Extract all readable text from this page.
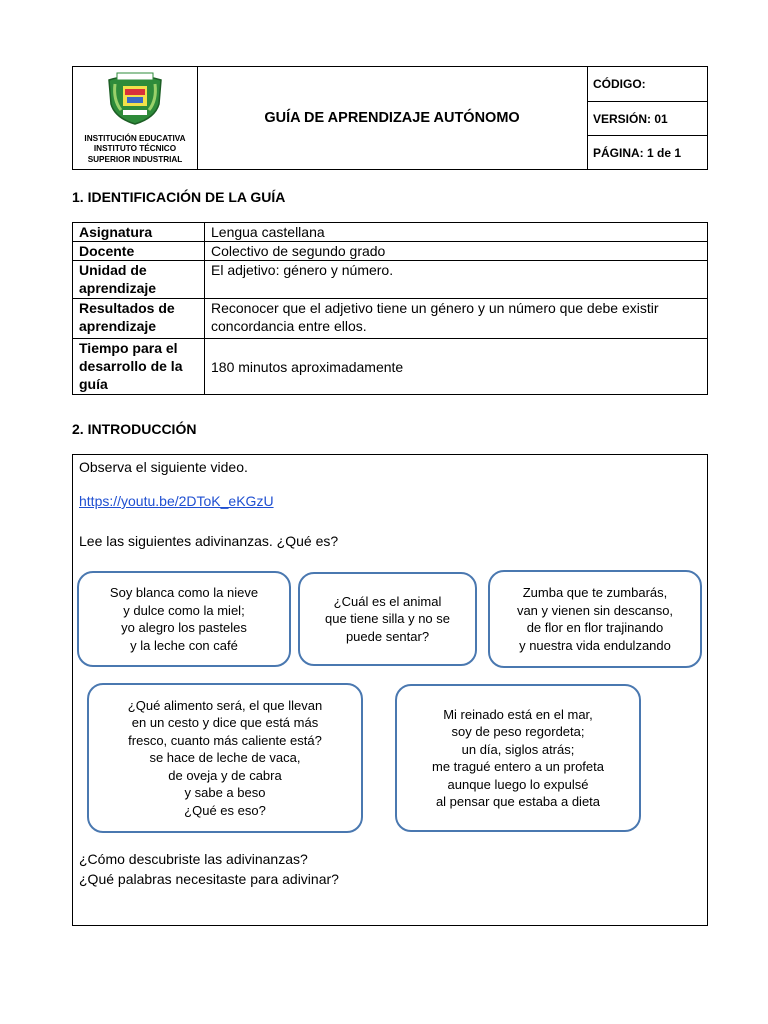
INSTITUCIÓN EDUCATIVA
INSTITUTO TÉCNICO
SUPERIOR INDUSTRIAL
GUÍA DE APRENDIZAJE AUTÓNOMO
CÓDIGO:
VERSIÓN: 01
PÁGINA: 1 de 1
1. IDENTIFICACIÓN DE LA GUÍA
Asignatura	Lengua castellana
Docente	Colectivo de segundo grado
Unidad de aprendizaje	El adjetivo: género y número.
Resultados de aprendizaje	Reconocer que el adjetivo tiene un género y un número que debe existir concordancia entre ellos.
Tiempo para el desarrollo de la guía	180 minutos aproximadamente
2. INTRODUCCIÓN

Observa el siguiente video.

https://youtu.be/2DToK_eKGzU

Lee las siguientes adivinanzas. ¿Qué es?

Soy blanca como la nieve
y dulce como la miel;
yo alegro los pasteles
y la leche con café
¿Cuál es el animal
que tiene silla y no se
puede sentar?
Zumba que te zumbarás,
van y vienen sin descanso,
de flor en flor trajinando
y nuestra vida endulzando
¿Qué alimento será, el que llevan
en un cesto y dice que está más
fresco, cuanto más caliente está?
se hace de leche de vaca,
de oveja y de cabra
y sabe a beso
¿Qué es eso?
Mi reinado está en el mar,
soy de peso regordeta;
un día, siglos atrás;
me tragué entero a un profeta
aunque luego lo expulsé
al pensar que estaba a dieta

¿Cómo descubriste las adivinanzas?

¿Qué palabras necesitaste para adivinar?
